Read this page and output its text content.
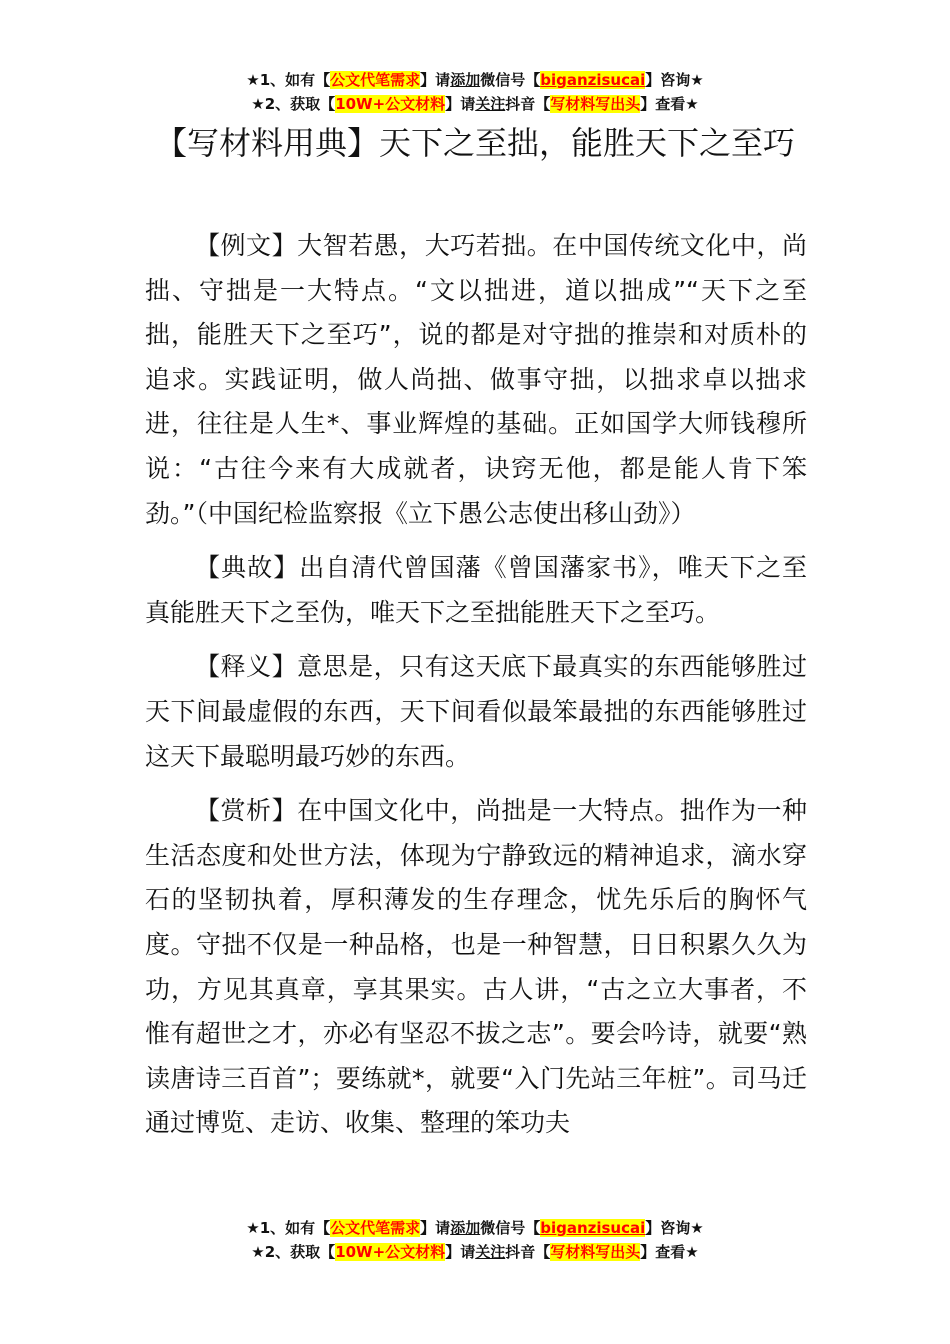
★1、如有【公文代笔需求】请添加微信号【biganzisucai】咨询★
★2、获取【10W+公文材料】请关注抖音【写材料写出头】查看★
【写材料用典】天下之至拙，能胜天下之至巧

【例文】大智若愚，大巧若拙。在中国传统文化中，尚拙、守拙是一大特点。“文以拙进，道以拙成”“天下之至拙，能胜天下之至巧”，说的都是对守拙的推崇和对质朴的追求。实践证明，做人尚拙、做事守拙，以拙求卓以拙求进，往往是人生*、事业辉煌的基础。正如国学大师钱穆所说：“古往今来有大成就者，诀窍无他，都是能人肯下笨劲。”（中国纪检监察报《立下愚公志使出移山劲》）

【典故】出自清代曾国藩《曾国藩家书》，唯天下之至真能胜天下之至伪，唯天下之至拙能胜天下之至巧。

【释义】意思是，只有这天底下最真实的东西能够胜过天下间最虚假的东西，天下间看似最笨最拙的东西能够胜过这天下最聪明最巧妙的东西。

【赏析】在中国文化中，尚拙是一大特点。拙作为一种生活态度和处世方法，体现为宁静致远的精神追求，滴水穿石的坚韧执着，厚积薄发的生存理念，忧先乐后的胸怀气度。守拙不仅是一种品格，也是一种智慧，日日积累久久为功，方见其真章，享其果实。古人讲，“古之立大事者，不惟有超世之才，亦必有坚忍不拔之志”。要会吟诗，就要“熟读唐诗三百首”；要练就*，就要“入门先站三年桩”。司马迁通过博览、走访、收集、整理的笨功夫

★1、如有【公文代笔需求】请添加微信号【biganzisucai】咨询★
★2、获取【10W+公文材料】请关注抖音【写材料写出头】查看★
